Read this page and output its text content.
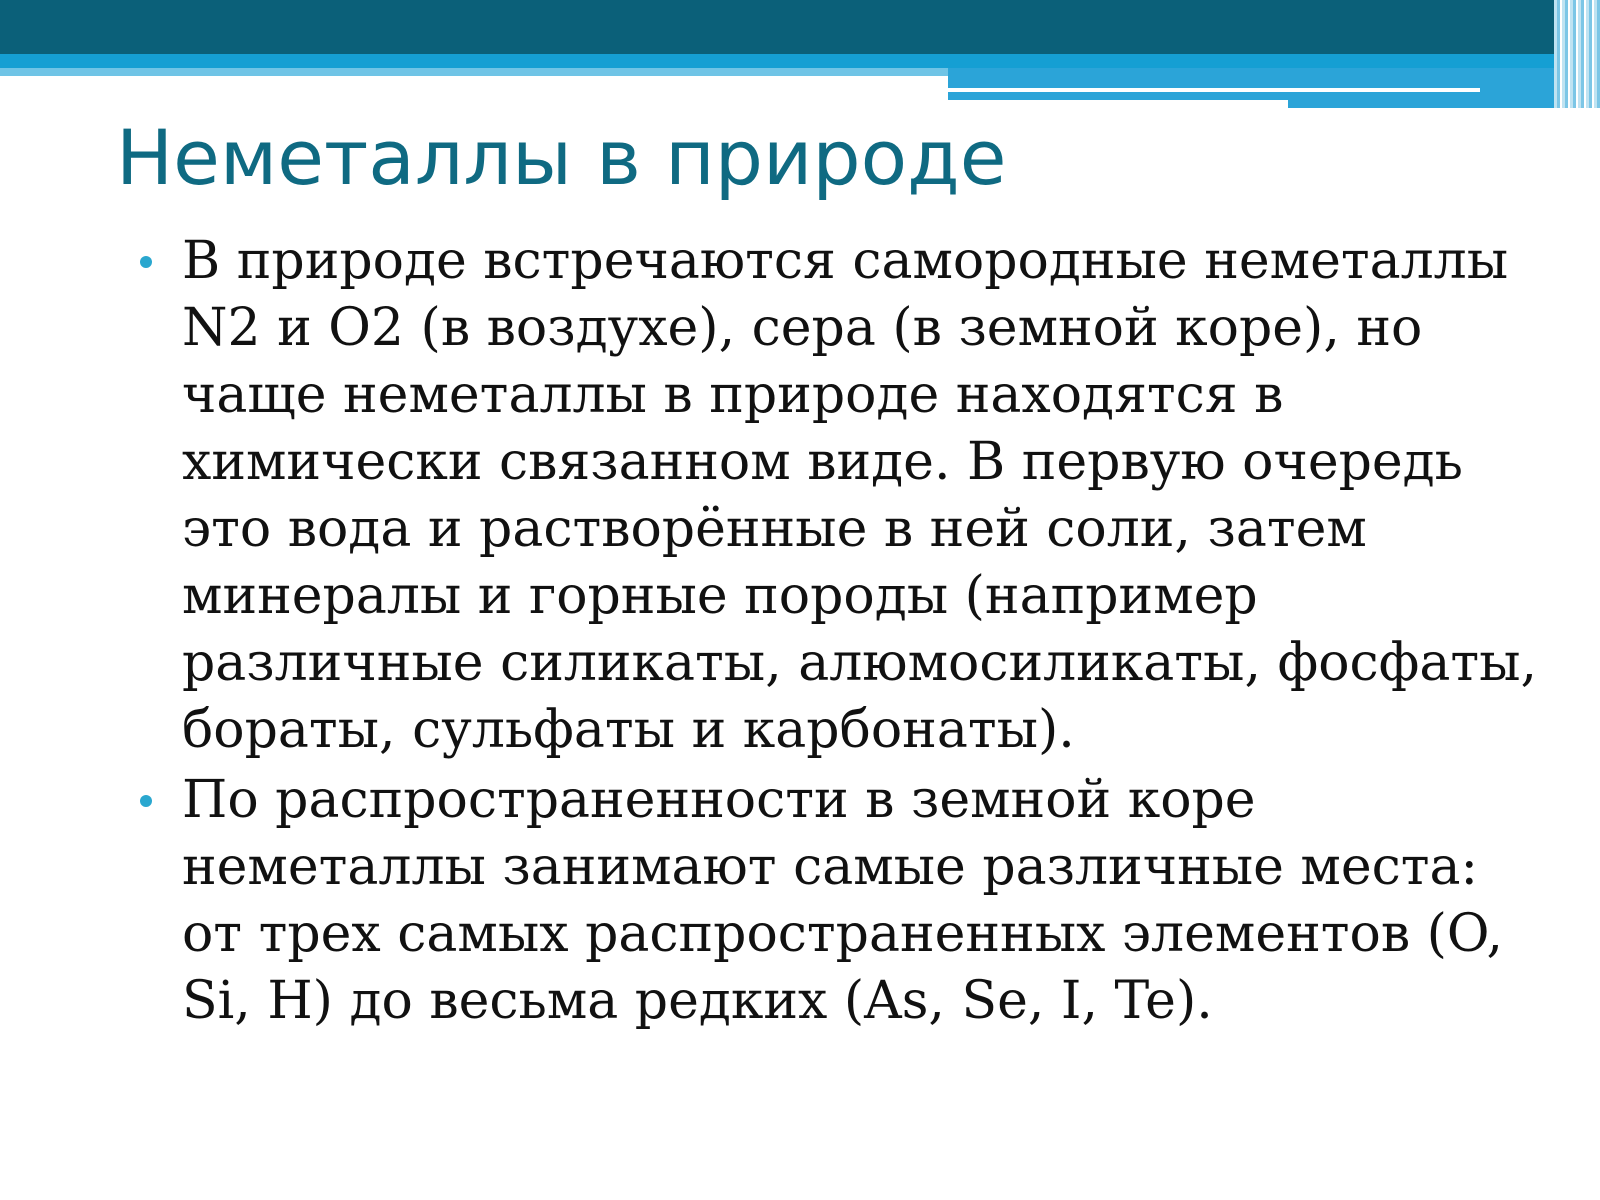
Неметаллы в природе
В природе встречаются самородные неметаллы N2 и O2 (в воздухе), сера (в земной коре), но чаще неметаллы в природе находятся в химически связанном виде. В первую очередь это вода и растворённые в ней соли, затем минералы и горные породы (например различные силикаты, алюмосиликаты, фосфаты, бораты, сульфаты и карбонаты).
По распространенности в земной коре неметаллы занимают самые различные места: от трех самых распространенных элементов (O, Si, H) до весьма редких (As, Se, I, Te).
